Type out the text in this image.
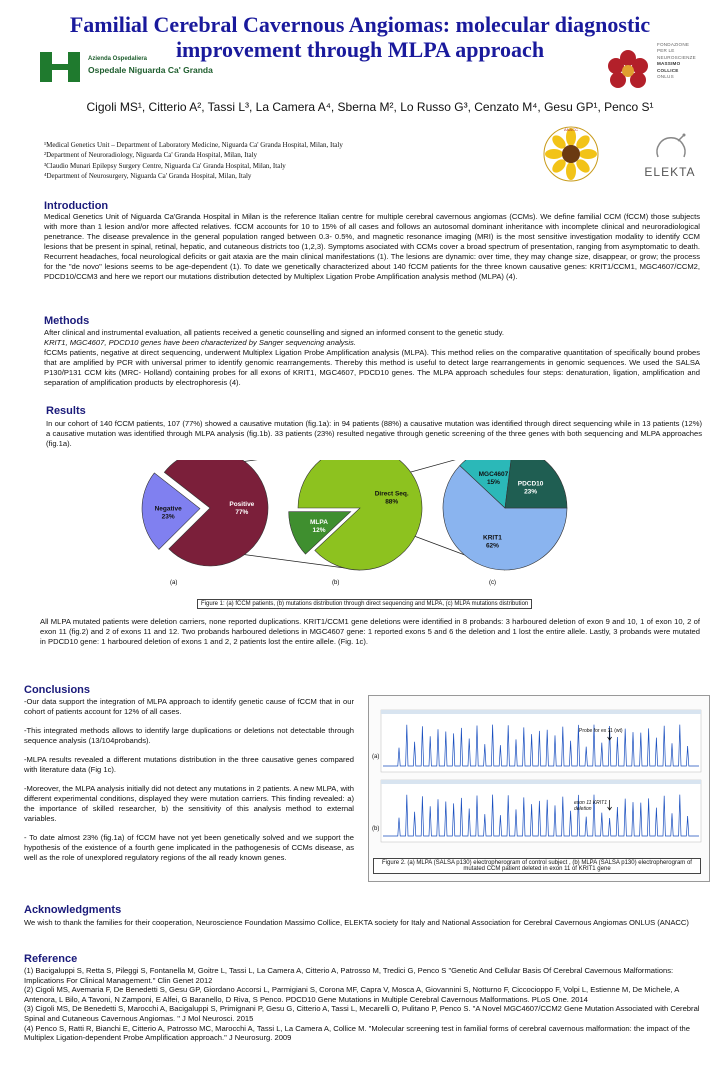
Familial Cerebral Cavernous Angiomas: molecular diagnostic improvement through MLPA approach
Azienda Ospedaliera
Ospedale Niguarda Ca' Granda
FONDAZIONE
PER LE
NEUROSCIENZE
MASSIMO
COLLICE
ONLUS
Cigoli MS¹, Citterio A², Tassi L³, La Camera A⁴, Sberna M², Lo Russo G³, Cenzato M⁴, Gesu GP¹, Penco S¹
¹Medical Genetics Unit – Department of Laboratory Medicine, Niguarda Ca' Granda Hospital, Milan, Italy
²Department of Neuroradiology, Niguarda Ca' Granda Hospital, Milan, Italy
³Claudio Munari Epilepsy Surgery Centre, Niguarda Ca' Granda Hospital, Milan, Italy
⁴Department of Neurosurgery, Niguarda Ca' Granda Hospital, Milan, Italy
ANACC
ELEKTA
Introduction
Medical Genetics Unit of Niguarda Ca'Granda Hospital in Milan is the reference Italian centre for multiple cerebral cavernous angiomas (CCMs). We define familial CCM (fCCM) those subjects with more than 1 lesion and/or more affected relatives. fCCM accounts for 10 to 15% of all cases and follows an autosomal dominant inheritance with incomplete clinical and neuroradiological penetrance. The disease prevalence in the general population ranged between 0.3- 0.5%, and magnetic resonance imaging (MRI) is the most sensitive investigation modality to identify CCM lesions that be present in spinal, retinal, hepatic, and cutaneous districts too (1,2,3). Symptoms asociated with CCMs cover a broad spectrum of presentation, ranging from asymptomatic to death. Recurrent headaches, focal neurological deficits or gait ataxia are the main clinical manifestations (1). The lesions are dynamic: over time, they may change size, disappear, or grow; the process for the "de novo" lesions seems to be age-dependent (1). To date we genetically characterized about 140 fCCM patients for the three known causative genes: KRIT1/CCM1, MGC4607/CCM2, PDCD10/CCM3 and here we report our mutations distribution detected by Multiplex Ligation Probe Amplification analysis method (MLPA) (4).
Methods
After clinical and instrumental evaluation, all patients received a genetic counselling and signed an informed consent to the genetic study.
KRIT1, MGC4607, PDCD10 genes have been characterized by Sanger sequencing analysis.
fCCMs patients, negative at direct sequencing, underwent Multiplex Ligation Probe Amplification analysis (MLPA). This method relies on the comparative quantitation of specifically bound probes that are amplified by PCR with universal primer to identify genomic rearrangements. Thereby this method is useful to detect large rearrangements in genomic sequences. We used the SALSA P130/P131 CCM kits (MRC- Holland) containing probes for all exons of KRIT1, MGC4607, PDCD10 genes. The MLPA approach schedules four steps: denaturation, ligation, amplification and separation of amplification products by electrophoresis (4).
Results
In our cohort of 140 fCCM patients, 107 (77%) showed a causative mutation (fig.1a): in 94 patients (88%) a causative mutation was identified through direct sequencing while in 13 patients (12%) a causative mutation was identified through MLPA analysis (fig.1b). 33 patients (23%) resulted negative through genetic screening of the three genes with both sequencing and MLPA approaches (fig.1a).
Positive 77%
Negative 23%
(a)
Direct Seq. 88%
MLPA 12%
(b)
KRIT1 62%
MGC4607 15%	PDCD10 23%
(c)
Figure 1: (a) fCCM patients, (b) mutations distribution through direct sequencing and MLPA, (c) MLPA mutations distribution
All MLPA mutated patients were deletion carriers, none reported duplications. KRIT1/CCM1 gene deletions were identified in 8 probands: 3 harboured deletion of exon 9 and 10, 1 of exon 10, 2 of exon 11 (fig.2) and 2 of exons 11 and 12. Two probands harboured deletions in MGC4607 gene: 1 reported exons 5 and 6 the deletion and 1 lost the entire allele. Lastly, 3 probands were mutated in PDCD10 gene: 1 harboured deletion of exons 1 and 2, 2 patients lost the entire allele. (Fig. 1c).
Conclusions
-Our data support the integration of MLPA approach to identify genetic cause of fCCM that in our cohort of patients account for 12% of all cases.
-This integrated methods allows to identify large duplications or deletions not detectable through sequence analysis (13/104probands).
-MLPA results revealed a different mutations distribution in the three causative genes compared with literature data (Fig 1c).
-Moreover, the MLPA analysis initially did not detect any mutations in 2 patients. A new MLPA, with different experimental conditions, displayed they were mutation carriers. This finding revealed: a) the importance of skilled researcher, b) the sensitivity of this analysis method to external variables.
- To date almost 23% (fig.1a) of fCCM have not yet been genetically solved and we support the hypothesis of the existence of a fourth gene implicated in the pathogenesis of CCMs disease, as well as the role of unexplored regulatory regions of the all ready known genes.
(a)
(b)
Probe for ex 11 (wt)
exon 11 KRIT1 deletion
Figure 2. (a) MLPA (SALSA p130) electropherogram of control subject , (b) MLPA (SALSA p130) electropherogram of mutated CCM patient deleted in exon 11 of KRIT1 gene
Acknowledgments
We wish to thank the families for their cooperation, Neuroscience Foundation Massimo Collice, ELEKTA society for Italy and National Association for Cerebral Cavernous Angiomas ONLUS (ANACC)
Reference
(1) Bacigaluppi S, Retta S, Pileggi S, Fontanella M, Goitre L, Tassi L, La Camera A, Citterio A, Patrosso M, Tredici G, Penco S "Genetic And Cellular Basis Of Cerebral Cavernous Malformations: Implications For Clinical Management." Clin Genet 2012
(2) Cigoli MS, Avemaria F, De Benedetti S, Gesu GP, Giordano Accorsi L, Parmigiani S, Corona MF, Capra V, Mosca A, Giovannini S, Notturno F, Ciccocioppo F, Volpi L, Estienne M, De Michele, A Antenora, L Bilo, A Tavoni, N Zamponi, E Alfei, G Baranello, D Riva, S Penco. PDCD10 Gene Mutations in Multiple Cerebral Cavernous Malformations. PLoS One. 2014
(3) Cigoli MS, De Benedetti S, Marocchi A, Bacigaluppi S, Primignani P, Gesu G, Citterio A, Tassi L, Mecarelli O, Pulitano P, Penco S. "A Novel MGC4607/CCM2 Gene Mutation Associated with Cerebral Spinal and Cutaneous Cavernous Angiomas. " J Mol Neurosci. 2015
(4) Penco S, Ratti R, Bianchi E, Citterio A, Patrosso MC, Marocchi A, Tassi L, La Camera A, Collice M. "Molecular screening test in familial forms of cerebral cavernous malformation: the impact of the Multiplex Ligation-dependent Probe Amplification approach." J Neurosurg. 2009
